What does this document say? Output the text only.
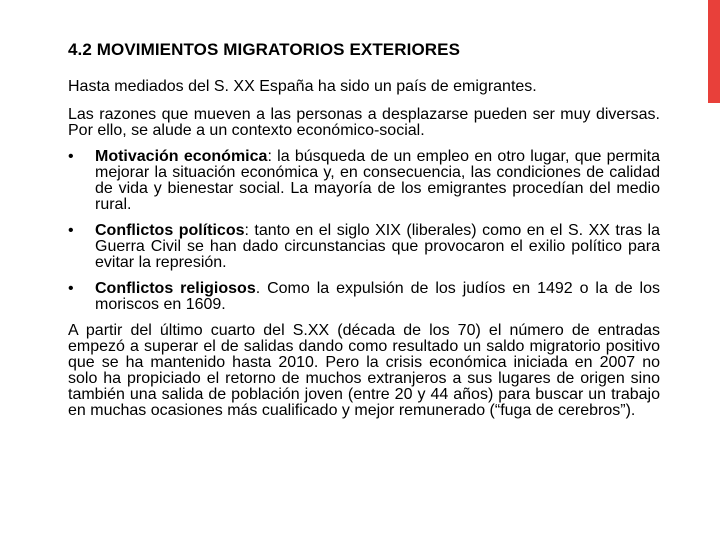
4.2 MOVIMIENTOS MIGRATORIOS EXTERIORES

Hasta mediados del S. XX España ha sido un país de emigrantes.

Las razones que mueven a las personas a desplazarse pueden ser muy diversas. Por ello, se alude a un contexto económico-social.

• Motivación económica: la búsqueda de un empleo en otro lugar, que permita mejorar la situación económica y, en consecuencia, las condiciones de calidad de vida y bienestar social. La mayoría de los emigrantes procedían del medio rural.
• Conflictos políticos: tanto en el siglo XIX (liberales) como en el S. XX tras la Guerra Civil se han dado circunstancias que provocaron el exilio político para evitar la represión.
• Conflictos religiosos. Como la expulsión de los judíos en 1492 o la de los moriscos en 1609.

A partir del último cuarto del S.XX (década de los 70) el número de entradas empezó a superar el de salidas dando como resultado un saldo migratorio positivo que se ha mantenido hasta 2010. Pero la crisis económica iniciada en 2007 no solo ha propiciado el retorno de muchos extranjeros a sus lugares de origen sino también una salida de población joven (entre 20 y 44 años) para buscar un trabajo en muchas ocasiones más cualificado y mejor remunerado (“fuga de cerebros”).
